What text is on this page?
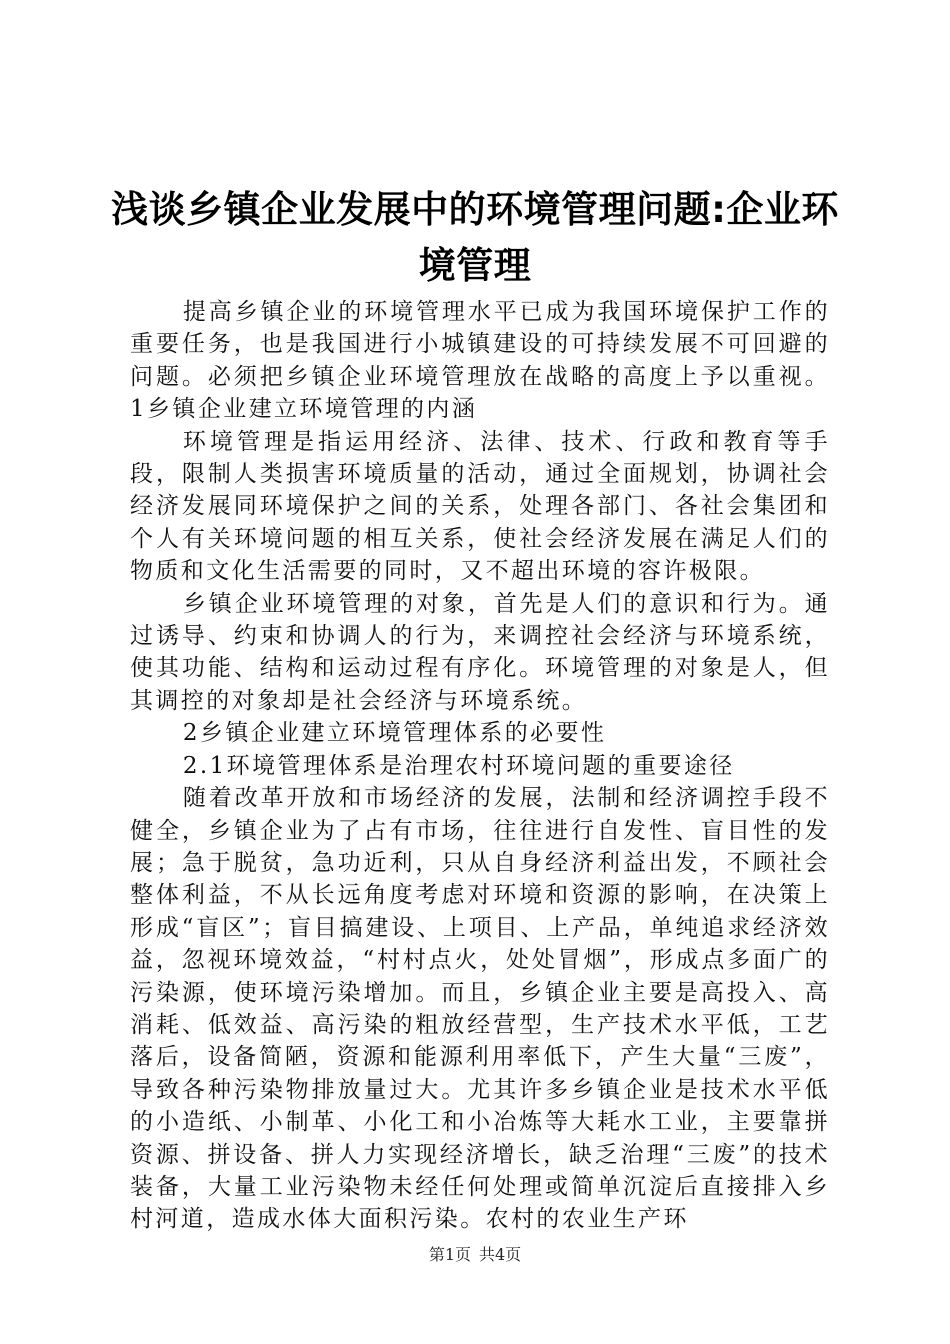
浅谈乡镇企业发展中的环境管理问题:企业环境管理

提高乡镇企业的环境管理水平已成为我国环境保护工作的重要任务，也是我国进行小城镇建设的可持续发展不可回避的问题。必须把乡镇企业环境管理放在战略的高度上予以重视。1乡镇企业建立环境管理的内涵

环境管理是指运用经济、法律、技术、行政和教育等手段，限制人类损害环境质量的活动，通过全面规划，协调社会经济发展同环境保护之间的关系，处理各部门、各社会集团和个人有关环境问题的相互关系，使社会经济发展在满足人们的物质和文化生活需要的同时，又不超出环境的容许极限。

乡镇企业环境管理的对象，首先是人们的意识和行为。通过诱导、约束和协调人的行为，来调控社会经济与环境系统，使其功能、结构和运动过程有序化。环境管理的对象是人，但其调控的对象却是社会经济与环境系统。

2乡镇企业建立环境管理体系的必要性

2.1环境管理体系是治理农村环境问题的重要途径

随着改革开放和市场经济的发展，法制和经济调控手段不健全，乡镇企业为了占有市场，往往进行自发性、盲目性的发展；急于脱贫，急功近利，只从自身经济利益出发，不顾社会整体利益，不从长远角度考虑对环境和资源的影响，在决策上形成“盲区”；盲目搞建设、上项目、上产品，单纯追求经济效益，忽视环境效益，“村村点火，处处冒烟”，形成点多面广的污染源，使环境污染增加。而且，乡镇企业主要是高投入、高消耗、低效益、高污染的粗放经营型，生产技术水平低，工艺落后，设备简陋，资源和能源利用率低下，产生大量“三废”，导致各种污染物排放量过大。尤其许多乡镇企业是技术水平低的小造纸、小制革、小化工和小冶炼等大耗水工业，主要靠拼资源、拼设备、拼人力实现经济增长，缺乏治理“三废”的技术装备，大量工业污染物未经任何处理或简单沉淀后直接排入乡村河道，造成水体大面积污染。农村的农业生产环

第1页 共4页
